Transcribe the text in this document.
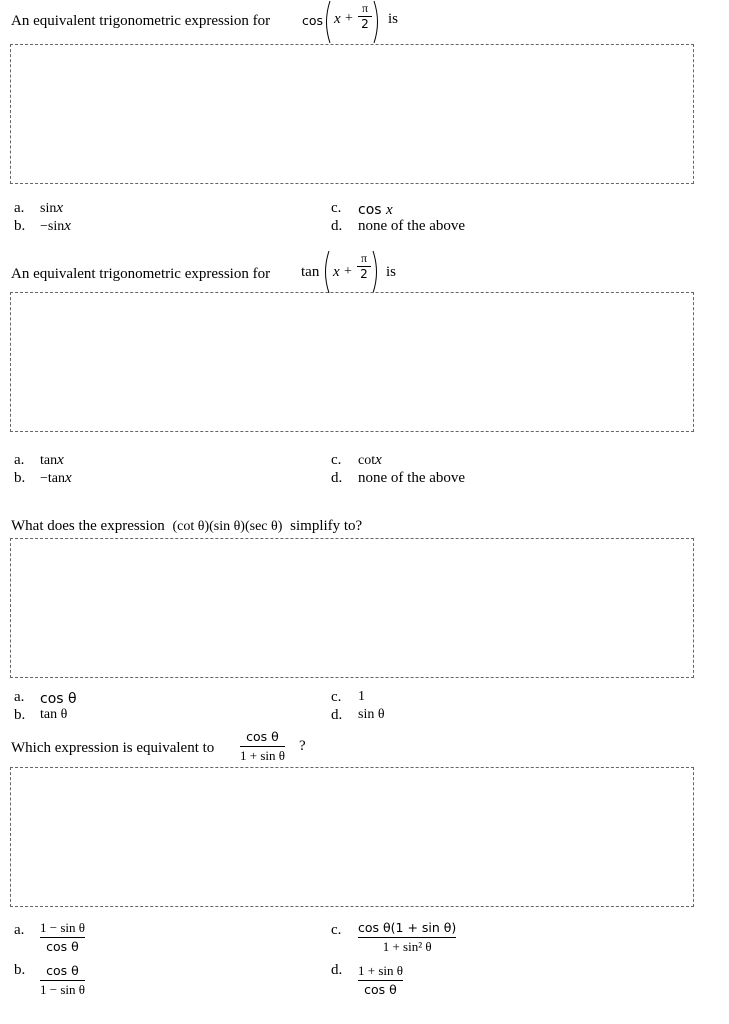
An equivalent trigonometric expression for	$\cos x + \frac{\pi}{2}$ is
a.	sinx
b.	−sinx
c.	cos x
d.	none of the above
An equivalent trigonometric expression for $\tan x + \frac{\pi}{2}$ is
a.	tanx
b.	−tanx
c.	cotx
d.	none of the above
What does the expression (cot θ)(sin θ)(sec θ) simplify to?
a.	cos θ
b.	tan θ
c.	1
d.	sin θ
Which expression is equivalent to $\frac{\text{cos θ}}{\text{1 + sin θ}}$ ?
a.	$\frac{\text{1 − sin θ}}{\text{cos θ}}$
b.	$\frac{\text{cos θ}}{\text{1 − sin θ}}$
c.	$\frac{\text{cos θ(1 + sin θ)}}{\text{1 + sin² θ}}$
d.	$\frac{\text{1 + sin θ}}{\text{cos θ}}$
